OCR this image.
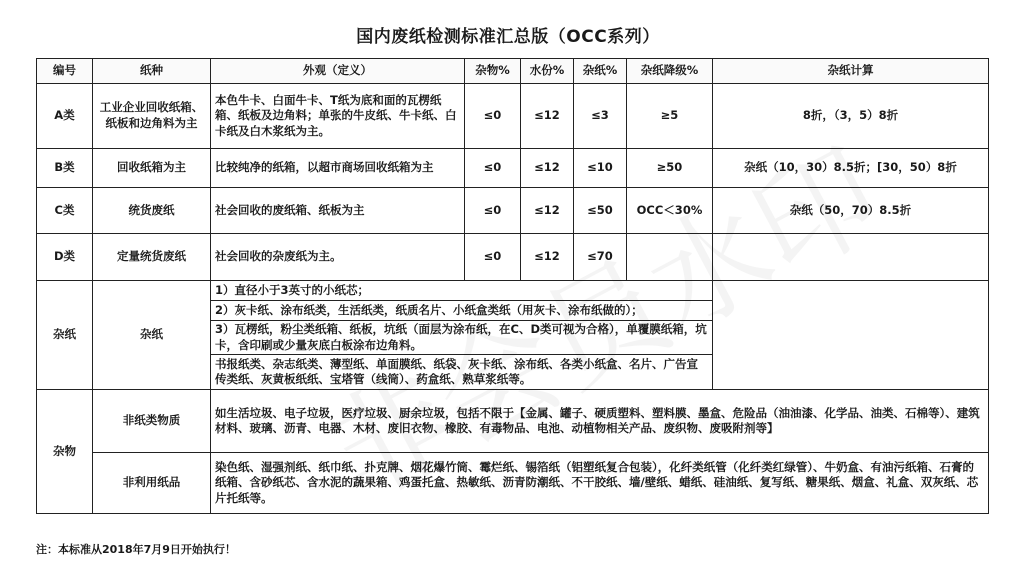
国内废纸检测标准汇总版（OCC系列）
编号	纸种	外观（定义）	杂物%	水份%	杂纸%	杂纸降级%	杂纸计算
A类	工业企业回收纸箱、纸板和边角料为主	本色牛卡、白面牛卡、T纸为底和面的瓦楞纸箱、纸板及边角料；单张的牛皮纸、牛卡纸、白卡纸及白木浆纸为主。	≤0	≤12	≤3	≥5	8折，（3，5）8折
B类	回收纸箱为主	比较纯净的纸箱，以超市商场回收纸箱为主	≤0	≤12	≤10	≥50	杂纸（10，30）8.5折；[30，50）8折
C类	统货废纸	社会回收的废纸箱、纸板为主	≤0	≤12	≤50	OCC＜30%	杂纸（50，70）8.5折
D类	定量统货废纸	社会回收的杂废纸为主。	≤0	≤12	≤70		
杂纸	杂纸	1）直径小于3英寸的小纸芯；					
		2）灰卡纸、涂布纸类，生活纸类，纸质名片、小纸盒类纸（用灰卡、涂布纸做的）；					
		3）瓦楞纸，粉尘类纸箱、纸板，坑纸（面层为涂布纸，在C、D类可视为合格），单覆膜纸箱，坑卡，含印刷或少量灰底白板涂布边角料。					
		书报纸类、杂志纸类、薄型纸、单面膜纸、纸袋、灰卡纸、涂布纸、各类小纸盒、名片、广告宣传类纸、灰黄板纸纸、宝塔管（线筒）、药盒纸、熟草浆纸等。					
杂物	非纸类物质	如生活垃圾、电子垃圾，医疗垃圾、厨余垃圾，包括不限于【金属、罐子、硬质塑料、塑料膜、墨盒、危险品（油油漆、化学品、油类、石棉等）、建筑材料、玻璃、沥青、电器、木材、废旧衣物、橡胶、有毒物品、电池、动植物相关产品、废织物、废吸附剂等】					
	非利用纸品	染色纸、湿强剂纸、纸巾纸、扑克牌、烟花爆竹筒、霉烂纸、锡箔纸（铝塑纸复合包装），化纤类纸管（化纤类红绿管）、牛奶盒、有油污纸箱、石膏的纸箱、含砂纸芯、含水泥的蔬果箱、鸡蛋托盒、热敏纸、沥青防潮纸、不干胶纸、墙/壁纸、蜡纸、硅油纸、复写纸、糖果纸、烟盒、礼盒、双灰纸、芯片托纸等。					
注：本标准从2018年7月9日开始执行！
